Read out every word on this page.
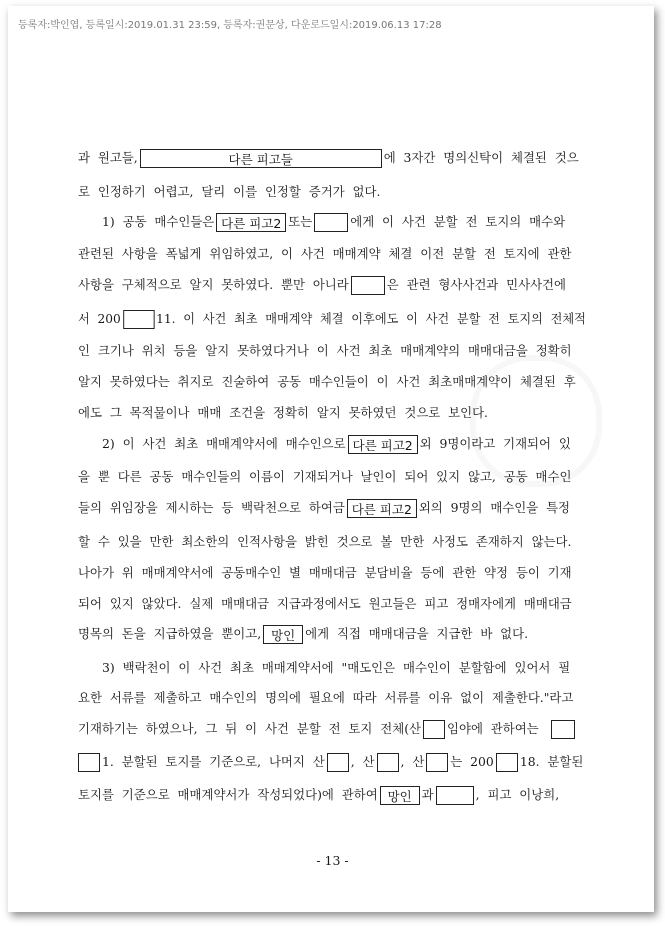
등록자:박인엽, 등록일시:2019.01.31 23:59, 등록자:권문상, 다운로드일시:2019.06.13 17:28
과  원고들,	다른 피고들	에  3자간  명의신탁이  체결된  것으
로  인정하기  어렵고,  달리  이를  인정할  증거가  없다.
1)  공동  매수인들은 다른 피고2 또는	에게  이  사건  분할  전  토지의  매수와
관련된  사항을  폭넓게  위임하였고,  이  사건  매매계약  체결  이전  분할  전  토지에  관한
사항을  구체적으로  알지  못하였다.  뿐만  아니라	은  관련  형사사건과  민사사건에
서  200	11.  이  사건  최초  매매계약  체결  이후에도  이  사건  분할  전  토지의  전체적
인  크기나  위치  등을  알지  못하였다거나  이  사건  최초  매매계약의  매매대금을  정확히
알지  못하였다는  취지로  진술하여  공동  매수인들이  이  사건  최초매매계약이  체결된  후
에도  그  목적물이나  매매  조건을  정확히  알지  못하였던  것으로  보인다.
2)  이  사건  최초  매매계약서에  매수인으로 다른 피고2 외  9명이라고  기재되어  있
을  뿐  다른  공동  매수인들의  이름이  기재되거나  날인이  되어  있지  않고,  공동  매수인
들의  위임장을  제시하는  등  백락천으로  하여금 다른 피고2 외의  9명의  매수인을  특정
할  수  있을  만한  최소한의  인적사항을  밝힌  것으로  볼  만한  사정도  존재하지  않는다.
나아가  위  매매계약서에  공동매수인  별  매매대금  분담비율  등에  관한  약정  등이  기재
되어  있지  않았다.  실제  매매대금  지급과정에서도  원고들은  피고  정매자에게  매매대금
명목의  돈을  지급하였을  뿐이고, 망인 에게  직접  매매대금을  지급한  바  없다.
3)  백락천이  이  사건  최초  매매계약서에  "매도인은  매수인이  분할함에  있어서  필
요한  서류를  제출하고  매수인의  명의에  필요에  따라  서류를  이유  없이  제출한다."라고
기재하기는  하였으나,  그  뒤  이  사건  분할  전  토지  전체(산 임야에  관하여는
1.  분할된  토지를  기준으로,  나머지  산 ,  산 ,  산 는  200 18.  분할된
토지를  기준으로  매매계약서가  작성되었다)에  관하여 망인 과	,  피고  이낭희,
- 13 -
